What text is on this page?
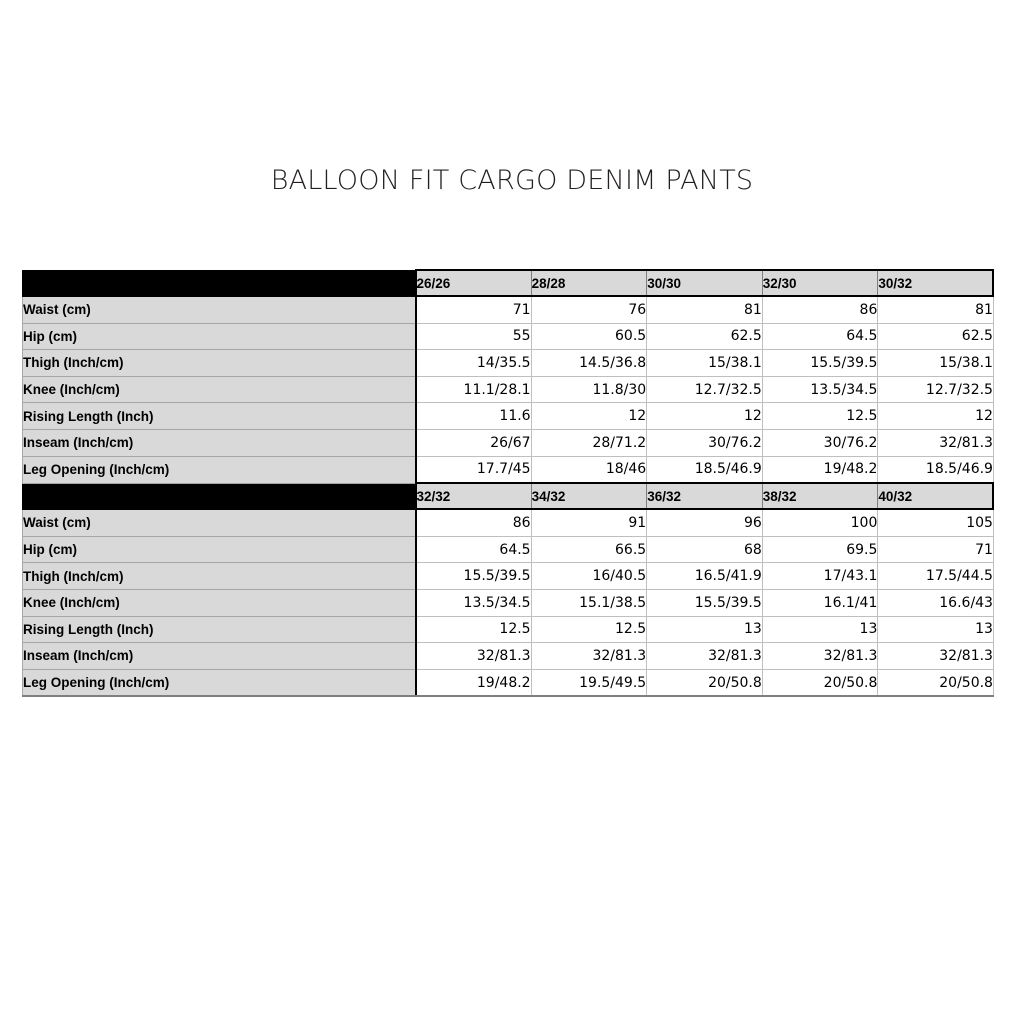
BALLOON FIT CARGO DENIM PANTS
	26/26	28/28	30/30	32/30	30/32
Waist (cm)	71	76	81	86	81
Hip (cm)	55	60.5	62.5	64.5	62.5
Thigh (Inch/cm)	14/35.5	14.5/36.8	15/38.1	15.5/39.5	15/38.1
Knee (Inch/cm)	11.1/28.1	11.8/30	12.7/32.5	13.5/34.5	12.7/32.5
Rising Length (Inch)	11.6	12	12	12.5	12
Inseam (Inch/cm)	26/67	28/71.2	30/76.2	30/76.2	32/81.3
Leg Opening (Inch/cm)	17.7/45	18/46	18.5/46.9	19/48.2	18.5/46.9
	32/32	34/32	36/32	38/32	40/32
Waist (cm)	86	91	96	100	105
Hip (cm)	64.5	66.5	68	69.5	71
Thigh (Inch/cm)	15.5/39.5	16/40.5	16.5/41.9	17/43.1	17.5/44.5
Knee (Inch/cm)	13.5/34.5	15.1/38.5	15.5/39.5	16.1/41	16.6/43
Rising Length (Inch)	12.5	12.5	13	13	13
Inseam (Inch/cm)	32/81.3	32/81.3	32/81.3	32/81.3	32/81.3
Leg Opening (Inch/cm)	19/48.2	19.5/49.5	20/50.8	20/50.8	20/50.8
